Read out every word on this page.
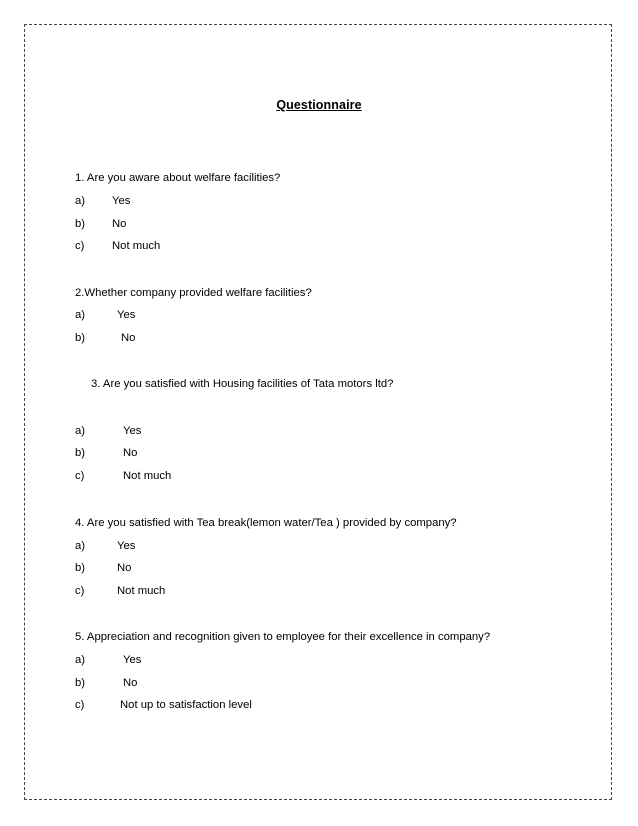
Questionnaire
1. Are you aware about welfare facilities?
a) Yes
b) No
c) Not much
2.Whether company provided welfare facilities?
a)	Yes
b)	No
3. Are you satisfied with Housing facilities of Tata motors ltd?
a)	Yes
b)	No
c)	Not much
4. Are you satisfied with Tea break(lemon water/Tea ) provided by company?
a)	Yes
b)	No
c)	Not much
5. Appreciation and recognition given to employee for their excellence in company?
a)	Yes
b)	No
c)	Not up to satisfaction level
